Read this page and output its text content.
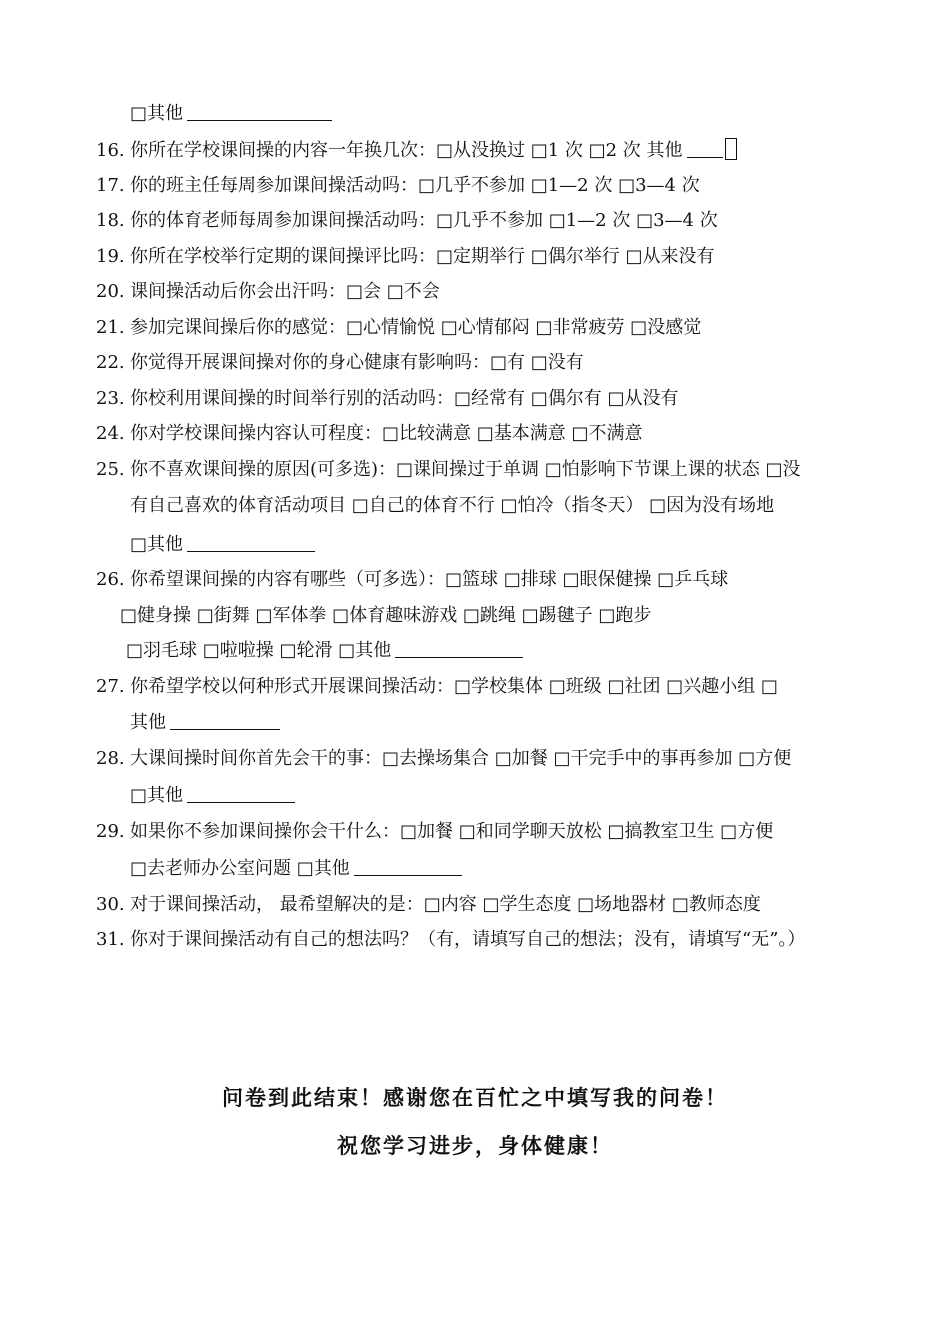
□其他
16. 你所在学校课间操的内容一年换几次：□从没换过 □1 次 □2 次 其他
17. 你的班主任每周参加课间操活动吗：□几乎不参加 □1—2 次 □3—4 次
18. 你的体育老师每周参加课间操活动吗：□几乎不参加 □1—2 次 □3—4 次
19. 你所在学校举行定期的课间操评比吗：□定期举行 □偶尔举行 □从来没有
20. 课间操活动后你会出汗吗：□会 □不会
21. 参加完课间操后你的感觉：□心情愉悦 □心情郁闷 □非常疲劳 □没感觉
22. 你觉得开展课间操对你的身心健康有影响吗：□有 □没有
23. 你校利用课间操的时间举行别的活动吗：□经常有 □偶尔有 □从没有
24. 你对学校课间操内容认可程度：□比较满意 □基本满意 □不满意
25. 你不喜欢课间操的原因(可多选)：□课间操过于单调 □怕影响下节课上课的状态 □没
有自己喜欢的体育活动项目 □自己的体育不行 □怕冷（指冬天） □因为没有场地
□其他
26. 你希望课间操的内容有哪些（可多选）：□篮球 □排球 □眼保健操 □乒乓球
□健身操 □街舞 □军体拳 □体育趣味游戏 □跳绳 □踢毽子 □跑步
□羽毛球 □啦啦操 □轮滑 □其他
27. 你希望学校以何种形式开展课间操活动：□学校集体 □班级 □社团 □兴趣小组 □
其他
28. 大课间操时间你首先会干的事：□去操场集合 □加餐 □干完手中的事再参加 □方便
□其他
29. 如果你不参加课间操你会干什么：□加餐 □和同学聊天放松 □搞教室卫生 □方便
□去老师办公室问题 □其他
30. 对于课间操活动， 最希望解决的是：□内容 □学生态度 □场地器材 □教师态度
31. 你对于课间操活动有自己的想法吗？（有，请填写自己的想法；没有，请填写“无”。）
问卷到此结束！感谢您在百忙之中填写我的问卷！
祝您学习进步，身体健康！
